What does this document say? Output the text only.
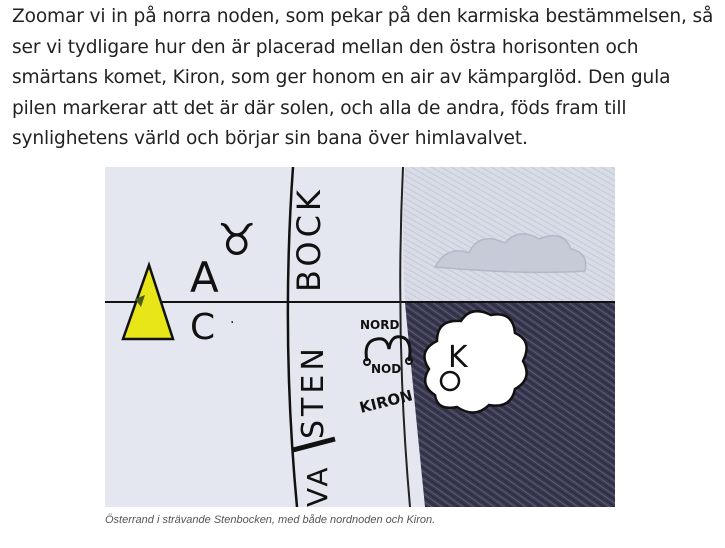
Zoomar vi in på norra noden, som pekar på den karmiska bestämmelsen, så ser vi tydligare hur den är placerad mellan den östra horisonten och smärtans komet, Kiron, som ger honom en air av kämparglöd. Den gula pilen markerar att det är där solen, och alla de andra, föds fram till synlighetens värld och börjar sin bana över himlavalvet.

A
C ·
♉ BOCK
STEN
VA
NORD
NOD
KIRON
K

Österrand i strävande Stenbocken, med både nordnoden och Kiron.
